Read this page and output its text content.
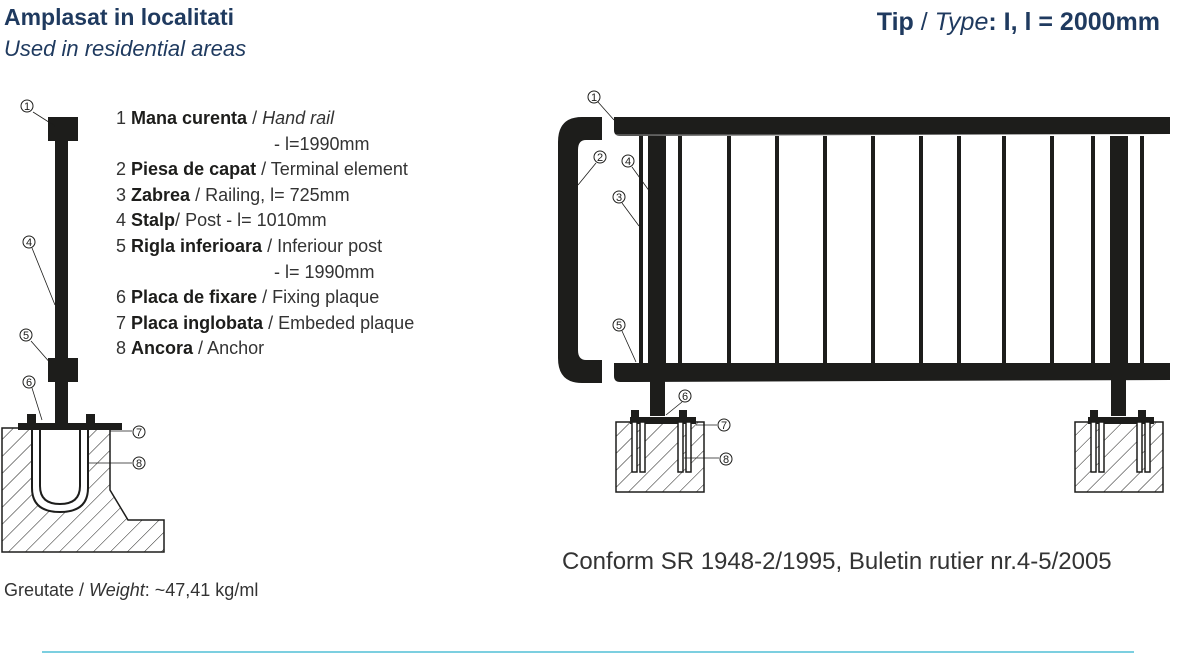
Amplasat in localitati
Used in residential areas
Tip / Type: I, l = 2000mm
1 Mana curenta / Hand rail
- l=1990mm
2 Piesa de capat / Terminal element
3 Zabrea / Railing, l= 725mm
4 Stalp/ Post - l= 1010mm
5 Rigla inferioara / Inferiour post
- l= 1990mm
6 Placa de fixare / Fixing plaque
7 Placa inglobata / Embeded plaque
8 Ancora / Anchor
Greutate / Weight: ~47,41 kg/ml
Conform SR 1948-2/1995, Buletin rutier nr.4-5/2005
1
4
5
6
7
8
1
2 4
3
5
6
7
8
